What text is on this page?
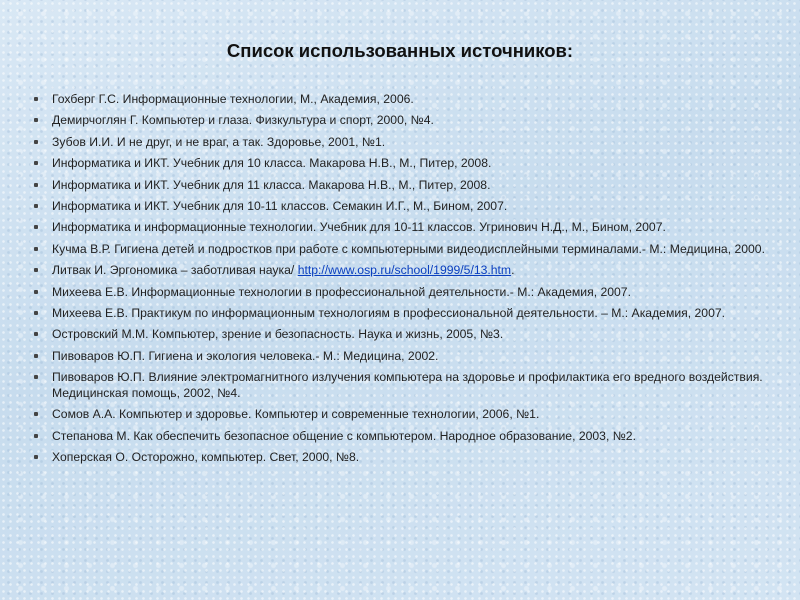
Список использованных источников:
Гохберг Г.С. Информационные технологии, М., Академия, 2006.
Демирчоглян Г. Компьютер и глаза. Физкультура и спорт, 2000, №4.
Зубов И.И. И не друг, и не враг, а так. Здоровье, 2001, №1.
Информатика и ИКТ. Учебник для 10 класса. Макарова Н.В., М., Питер, 2008.
Информатика и ИКТ. Учебник для 11 класса. Макарова Н.В., М., Питер, 2008.
Информатика и ИКТ. Учебник для 10-11 классов. Семакин И.Г., М., Бином, 2007.
Информатика и информационные технологии. Учебник для 10-11 классов. Угринович Н.Д., М., Бином, 2007.
Кучма В.Р. Гигиена детей и подростков при работе с компьютерными видеодисплейными терминалами.- М.: Медицина, 2000.
Литвак И. Эргономика – заботливая наука/ http://www.osp.ru/school/1999/5/13.htm.
Михеева Е.В. Информационные технологии в профессиональной деятельности.- М.: Академия, 2007.
Михеева Е.В. Практикум по информационным технологиям в профессиональной деятельности. – М.: Академия, 2007.
Островский М.М. Компьютер, зрение и безопасность. Наука и жизнь, 2005, №3.
Пивоваров Ю.П. Гигиена и экология человека.- М.: Медицина, 2002.
Пивоваров Ю.П. Влияние электромагнитного излучения компьютера на здоровье и профилактика его вредного воздействия. Медицинская помощь, 2002, №4.
Сомов А.А. Компьютер и здоровье. Компьютер и современные технологии, 2006, №1.
Степанова М. Как обеспечить безопасное общение с компьютером. Народное образование, 2003, №2.
Хоперская О. Осторожно, компьютер. Свет, 2000, №8.
